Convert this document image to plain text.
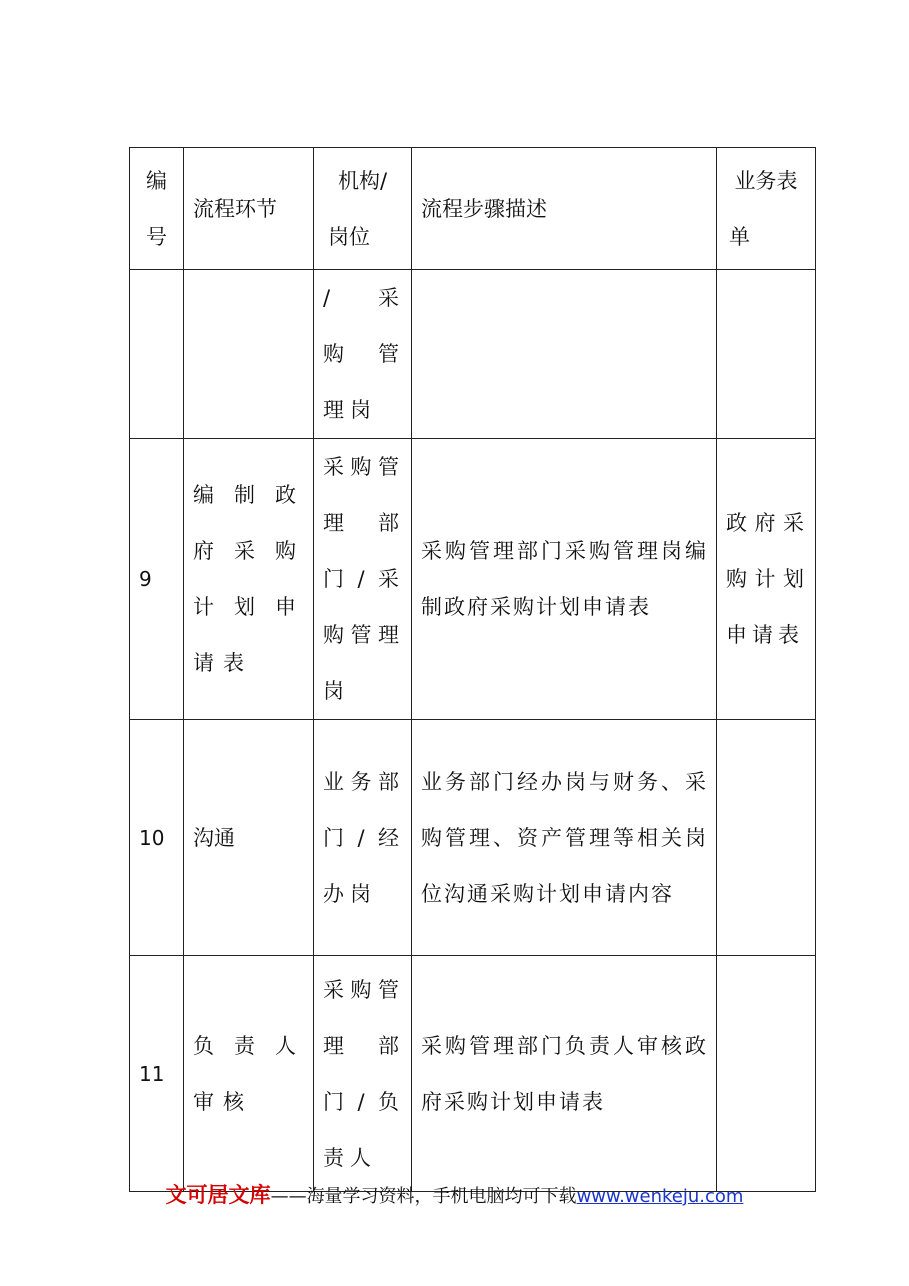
编号	流程环节	机构/岗位	流程步骤描述	业务表单

		/ 采 购 管理岗		

9	编制政府采购计划申请表	采购管理部门/采购管理岗	采购管理部门采购管理岗编制政府采购计划申请表	政府采购计划申请表

10	沟通	业务部门/经办岗	业务部门经办岗与财务、采购管理、资产管理等相关岗位沟通采购计划申请内容	

11	负责人审核	采购管理部门/负责人	采购管理部门负责人审核政府采购计划申请表	

文可居文库——海量学习资料，手机电脑均可下载www.wenkeju.com
